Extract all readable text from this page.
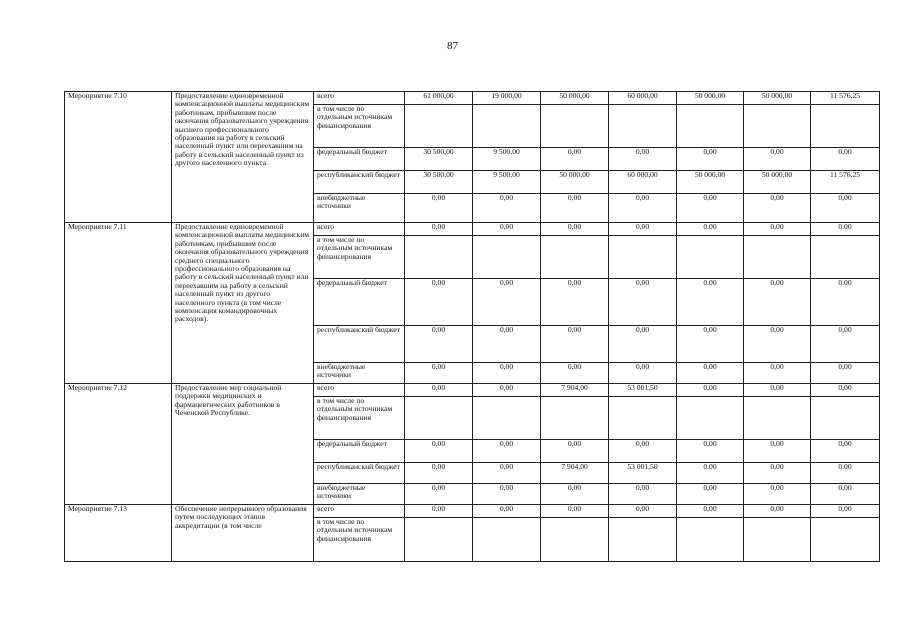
87
Мероприятие 7.10	Предоставление единовременной компенсационной выплаты медицинским работникам, прибывшим после окончания образовательного учреждения высшего профессионального образования на работу в сельский населенный пункт или переехавшим на работу в сельский населенный пункт из другого населенного пункта.	всего	61 000,00	19 000,00	50 000,00	60 000,00	50 000,00	50 000,00	11 576,25
		в том числе по отдельным источникам финансирования							
		федеральный бюджет	30 500,00	9 500,00	0,00	0,00	0,00	0,00	0,00
		республиканский бюджет	30 500,00	9 500,00	50 000,00	60 000,00	50 000,00	50 000,00	11 576,25
		внебюджетные источники	0,00	0,00	0,00	0,00	0,00	0,00	0,00
Мероприятие 7.11	Предоставление единовременной компенсационной выплаты медицинским работникам, прибывшим после окончания образовательного учреждения среднего специального профессионального образования на работу в сельский населенный пункт или переехавшим на работу в сельский населенный пункт из другого населенного пункта (в том числе компенсация командировочных расходов).	всего	0,00	0,00	0,00	0,00	0,00	0,00	0,00
		в том числе по отдельным источникам финансирования							
		федеральный бюджет	0,00	0,00	0,00	0,00	0,00	0,00	0,00
		республиканский бюджет	0,00	0,00	0,00	0,00	0,00	0,00	0,00
		внебюджетные источники	0,00	0,00	0,00	0,00	0,00	0,00	0,00
Мероприятие 7.12	Предоставление мер социальной поддержки медицинских и фармацевтических работников в Чеченской Республике.	всего	0,00	0,00	7 904,00	53 001,50	0,00	0,00	0,00
		в том числе по отдельным источникам финансирования							
		федеральный бюджет	0,00	0,00	0,00	0,00	0,00	0,00	0,00
		республиканский бюджет	0,00	0,00	7 904,00	53 001,50	0,00	0,00	0,00
		внебюджетные источники	0,00	0,00	0,00	0,00	0,00	0,00	0,00
Мероприятие 7.13	Обеспечение непрерывного образования путем последующих этапов аккредитации (в том числе	всего	0,00	0,00	0,00	0,00	0,00	0,00	0,00
		в том числе по отдельным источникам финансирования							
